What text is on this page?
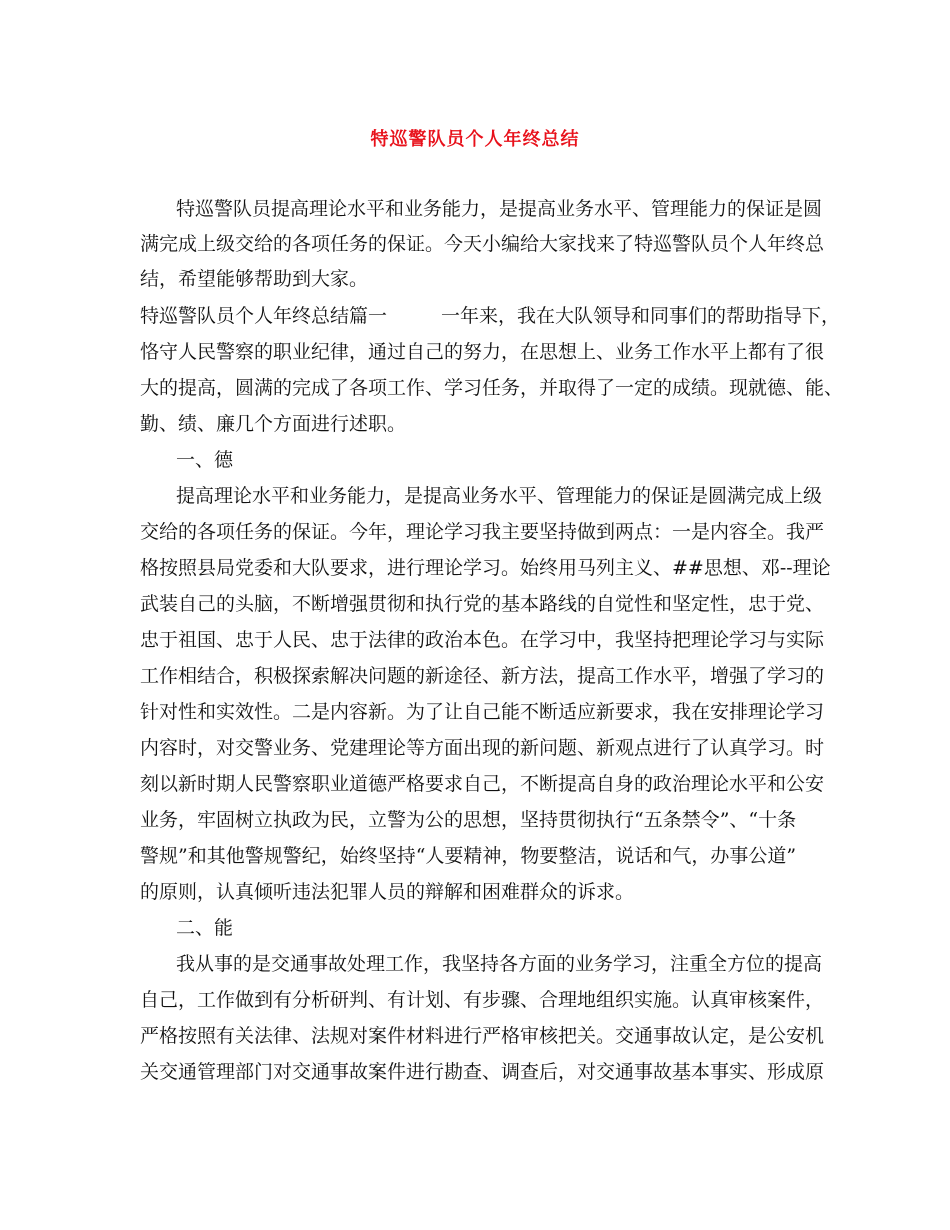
特巡警队员个人年终总结
特巡警队员提高理论水平和业务能力，是提高业务水平、管理能力的保证是圆
满完成上级交给的各项任务的保证。今天小编给大家找来了特巡警队员个人年终总
结，希望能够帮助到大家。
特巡警队员个人年终总结篇一	一年来，我在大队领导和同事们的帮助指导下，
恪守人民警察的职业纪律，通过自己的努力，在思想上、业务工作水平上都有了很
大的提高，圆满的完成了各项工作、学习任务，并取得了一定的成绩。现就德、能、
勤、绩、廉几个方面进行述职。
一、德
提高理论水平和业务能力，是提高业务水平、管理能力的保证是圆满完成上级
交给的各项任务的保证。今年，理论学习我主要坚持做到两点：一是内容全。我严
格按照县局党委和大队要求，进行理论学习。始终用马列主义、##思想、邓--理论
武装自己的头脑，不断增强贯彻和执行党的基本路线的自觉性和坚定性，忠于党、
忠于祖国、忠于人民、忠于法律的政治本色。在学习中，我坚持把理论学习与实际
工作相结合，积极探索解决问题的新途径、新方法，提高工作水平，增强了学习的
针对性和实效性。二是内容新。为了让自己能不断适应新要求，我在安排理论学习
内容时，对交警业务、党建理论等方面出现的新问题、新观点进行了认真学习。时
刻以新时期人民警察职业道德严格要求自己，不断提高自身的政治理论水平和公安
业务，牢固树立执政为民，立警为公的思想，坚持贯彻执行“五条禁令”、“十条
警规”和其他警规警纪，始终坚持“人要精神，物要整洁，说话和气，办事公道”
的原则，认真倾听违法犯罪人员的辩解和困难群众的诉求。
二、能
我从事的是交通事故处理工作，我坚持各方面的业务学习，注重全方位的提高
自己，工作做到有分析研判、有计划、有步骤、合理地组织实施。认真审核案件，
严格按照有关法律、法规对案件材料进行严格审核把关。交通事故认定，是公安机
关交通管理部门对交通事故案件进行勘查、调查后，对交通事故基本事实、形成原
